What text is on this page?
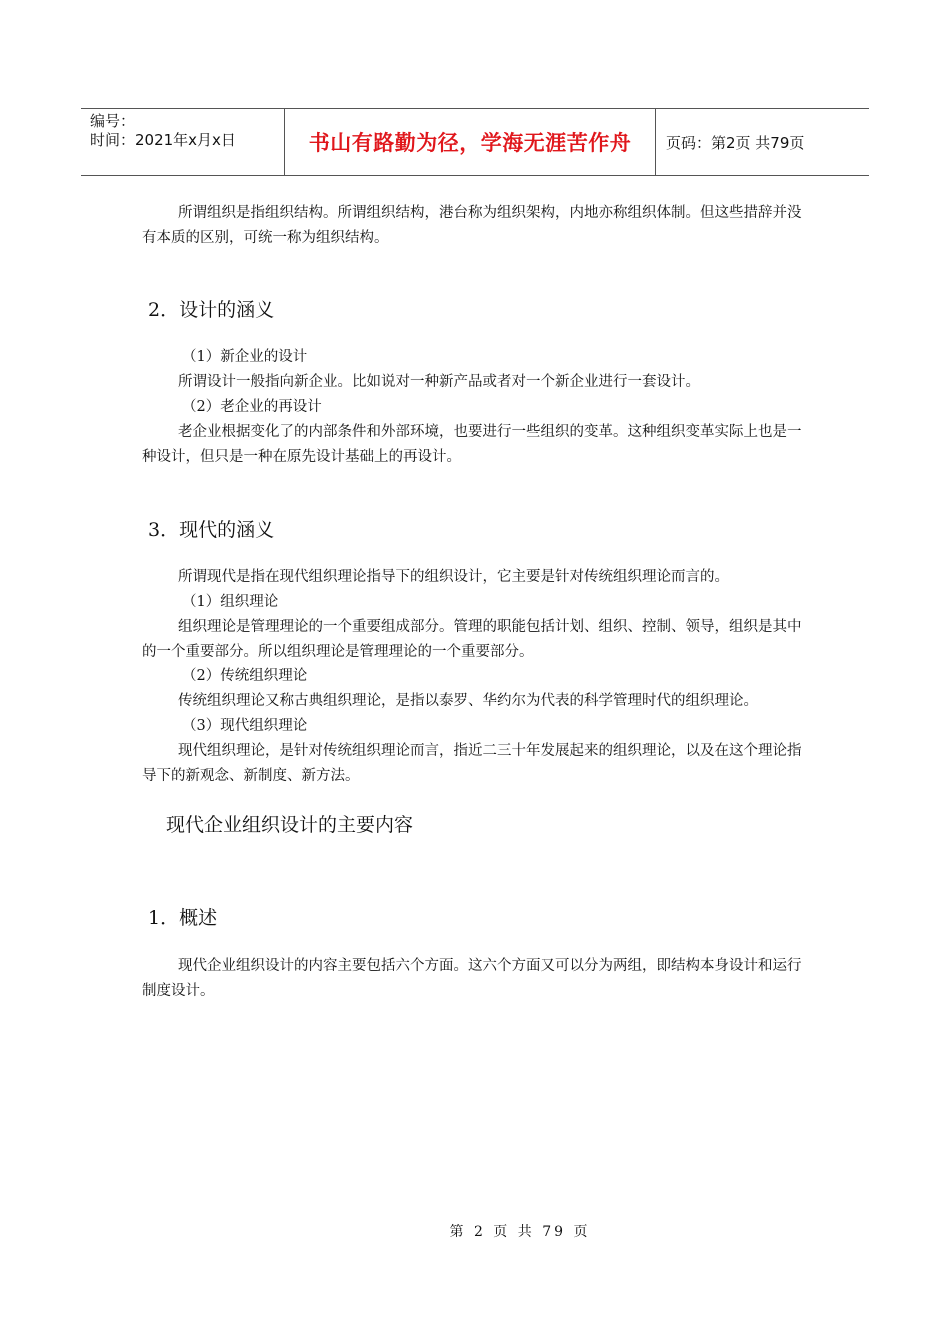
编号：
时间：2021年x月x日	书山有路勤为径，学海无涯苦作舟 页码：第2页 共79页
所谓组织是指组织结构。所谓组织结构，港台称为组织架构，内地亦称组织体制。但这些措辞并没有本质的区别，可统一称为组织结构。
2．设计的涵义
（1）新企业的设计
所谓设计一般指向新企业。比如说对一种新产品或者对一个新企业进行一套设计。
（2）老企业的再设计
老企业根据变化了的内部条件和外部环境，也要进行一些组织的变革。这种组织变革实际上也是一种设计，但只是一种在原先设计基础上的再设计。
3．现代的涵义
所谓现代是指在现代组织理论指导下的组织设计，它主要是针对传统组织理论而言的。
（1）组织理论
组织理论是管理理论的一个重要组成部分。管理的职能包括计划、组织、控制、领导，组织是其中的一个重要部分。所以组织理论是管理理论的一个重要部分。
（2）传统组织理论
传统组织理论又称古典组织理论，是指以泰罗、华约尔为代表的科学管理时代的组织理论。
（3）现代组织理论
现代组织理论，是针对传统组织理论而言，指近二三十年发展起来的组织理论，以及在这个理论指导下的新观念、新制度、新方法。
现代企业组织设计的主要内容
1．概述
现代企业组织设计的内容主要包括六个方面。这六个方面又可以分为两组，即结构本身设计和运行制度设计。
第 2 页 共 79 页
